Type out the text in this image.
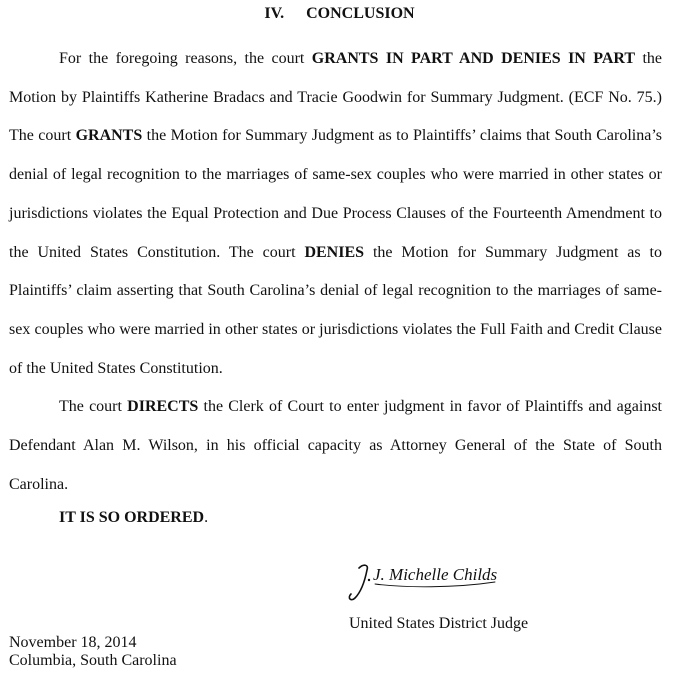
IV. CONCLUSION

For the foregoing reasons, the court GRANTS IN PART AND DENIES IN PART the Motion by Plaintiffs Katherine Bradacs and Tracie Goodwin for Summary Judgment. (ECF No. 75.) The court GRANTS the Motion for Summary Judgment as to Plaintiffs’ claims that South Carolina’s denial of legal recognition to the marriages of same-sex couples who were married in other states or jurisdictions violates the Equal Protection and Due Process Clauses of the Fourteenth Amendment to the United States Constitution. The court DENIES the Motion for Summary Judgment as to Plaintiffs’ claim asserting that South Carolina’s denial of legal recognition to the marriages of same-sex couples who were married in other states or jurisdictions violates the Full Faith and Credit Clause of the United States Constitution.

The court DIRECTS the Clerk of Court to enter judgment in favor of Plaintiffs and against Defendant Alan M. Wilson, in his official capacity as Attorney General of the State of South Carolina.

IT IS SO ORDERED.
J. Michelle Childs
United States District Judge
November 18, 2014
Columbia, South Carolina
